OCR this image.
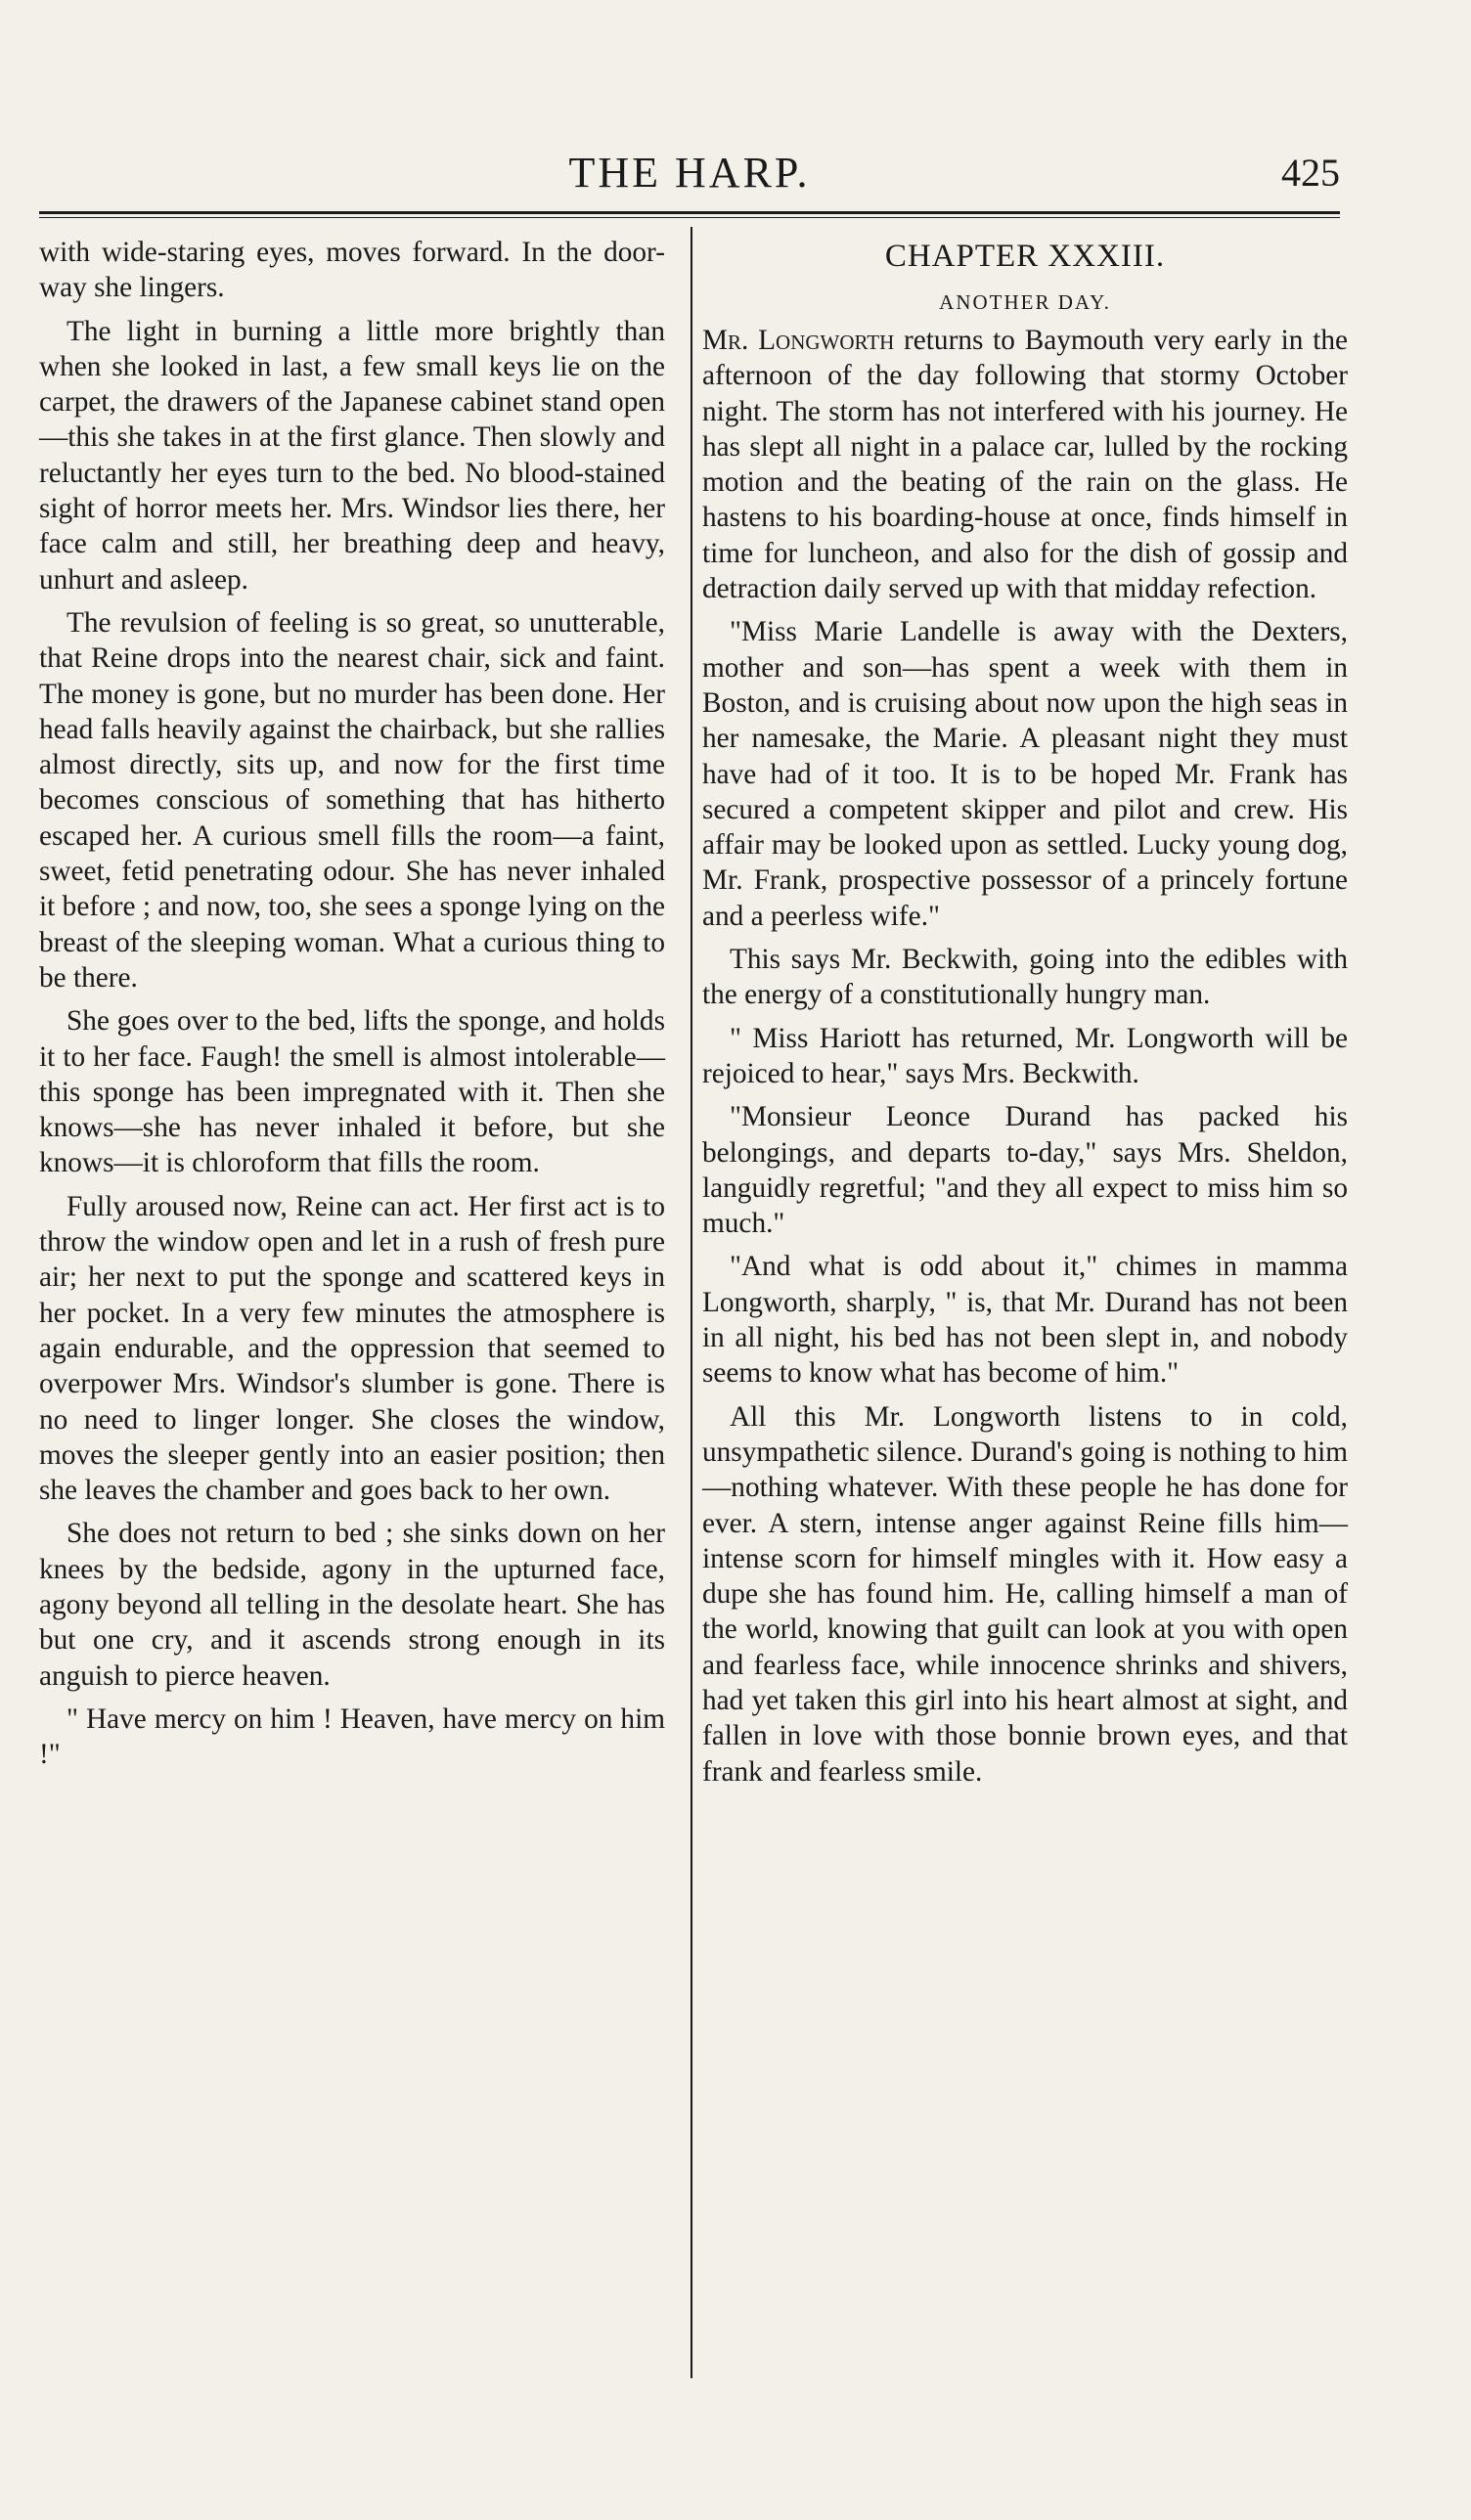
THE HARP.	425

with wide-staring eyes, moves forward. In the door-way she lingers.

The light in burning a little more brightly than when she looked in last, a few small keys lie on the carpet, the drawers of the Japanese cabinet stand open—this she takes in at the first glance. Then slowly and reluctantly her eyes turn to the bed. No blood-stained sight of horror meets her. Mrs. Windsor lies there, her face calm and still, her breathing deep and heavy, unhurt and asleep.

The revulsion of feeling is so great, so unutterable, that Reine drops into the nearest chair, sick and faint. The money is gone, but no murder has been done. Her head falls heavily against the chairback, but she rallies almost directly, sits up, and now for the first time becomes conscious of something that has hitherto escaped her. A curious smell fills the room—a faint, sweet, fetid penetrating odour. She has never inhaled it before ; and now, too, she sees a sponge lying on the breast of the sleeping woman. What a curious thing to be there.

She goes over to the bed, lifts the sponge, and holds it to her face. Faugh! the smell is almost intolerable—this sponge has been impregnated with it. Then she knows—she has never inhaled it before, but she knows—it is chloroform that fills the room.

Fully aroused now, Reine can act. Her first act is to throw the window open and let in a rush of fresh pure air; her next to put the sponge and scattered keys in her pocket. In a very few minutes the atmosphere is again endurable, and the oppression that seemed to overpower Mrs. Windsor's slumber is gone. There is no need to linger longer. She closes the window, moves the sleeper gently into an easier position; then she leaves the chamber and goes back to her own.

She does not return to bed ; she sinks down on her knees by the bedside, agony in the upturned face, agony beyond all telling in the desolate heart. She has but one cry, and it ascends strong enough in its anguish to pierce heaven.

" Have mercy on him ! Heaven, have mercy on him !"

CHAPTER XXXIII.
ANOTHER DAY.

Mr. Longworth returns to Baymouth very early in the afternoon of the day following that stormy October night. The storm has not interfered with his journey. He has slept all night in a palace car, lulled by the rocking motion and the beating of the rain on the glass. He hastens to his boarding-house at once, finds himself in time for luncheon, and also for the dish of gossip and detraction daily served up with that midday refection.

"Miss Marie Landelle is away with the Dexters, mother and son—has spent a week with them in Boston, and is cruising about now upon the high seas in her namesake, the Marie. A pleasant night they must have had of it too. It is to be hoped Mr. Frank has secured a competent skipper and pilot and crew. His affair may be looked upon as settled. Lucky young dog, Mr. Frank, prospective possessor of a princely fortune and a peerless wife."

This says Mr. Beckwith, going into the edibles with the energy of a constitutionally hungry man.

" Miss Hariott has returned, Mr. Longworth will be rejoiced to hear," says Mrs. Beckwith.

"Monsieur Leonce Durand has packed his belongings, and departs to-day," says Mrs. Sheldon, languidly regretful; "and they all expect to miss him so much."

"And what is odd about it," chimes in mamma Longworth, sharply, " is, that Mr. Durand has not been in all night, his bed has not been slept in, and nobody seems to know what has become of him."

All this Mr. Longworth listens to in cold, unsympathetic silence. Durand's going is nothing to him—nothing whatever. With these people he has done for ever. A stern, intense anger against Reine fills him—intense scorn for himself mingles with it. How easy a dupe she has found him. He, calling himself a man of the world, knowing that guilt can look at you with open and fearless face, while innocence shrinks and shivers, had yet taken this girl into his heart almost at sight, and fallen in love with those bonnie brown eyes, and that frank and fearless smile.
